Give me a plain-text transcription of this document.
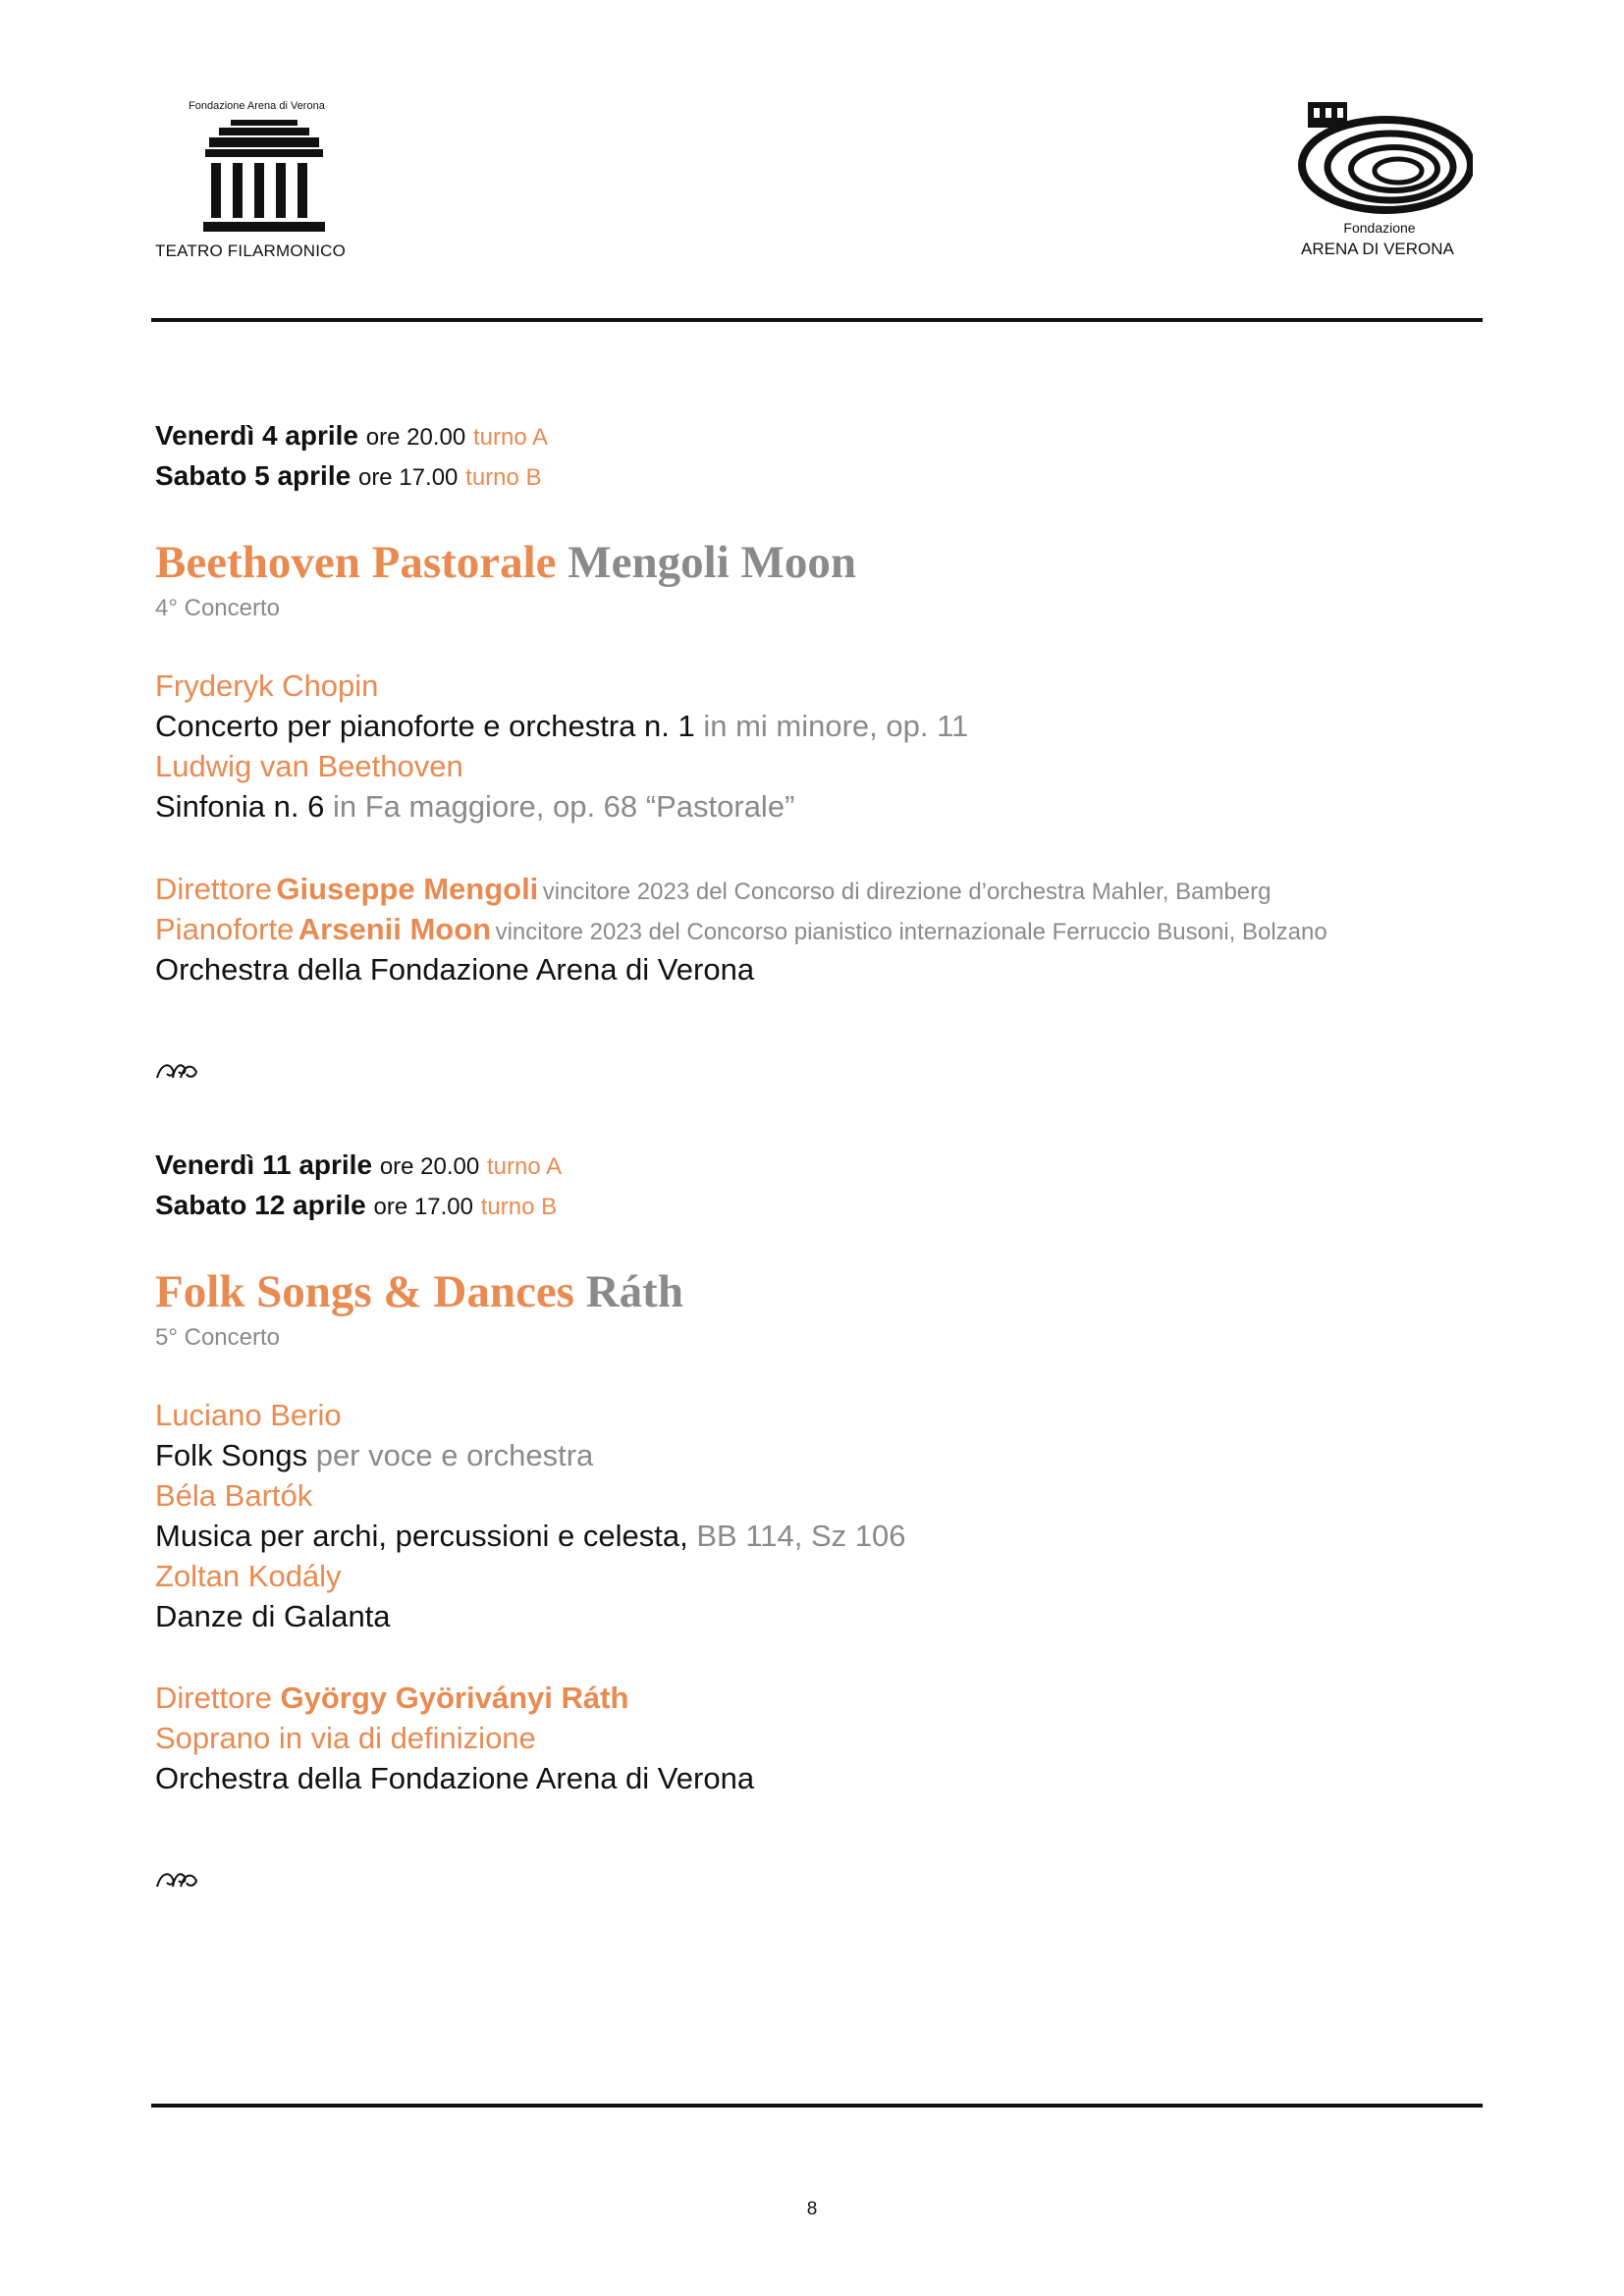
Fondazione Arena di Verona
TEATRO FILARMONICO
Fondazione
ARENA DI VERONA
Venerdì 4 aprile ore 20.00 turno A
Sabato 5 aprile ore 17.00 turno B
Beethoven Pastorale Mengoli Moon
4° Concerto
Fryderyk Chopin
Concerto per pianoforte e orchestra n. 1 in mi minore, op. 11
Ludwig van Beethoven
Sinfonia n. 6 in Fa maggiore, op. 68 “Pastorale”
Direttore Giuseppe Mengoli vincitore 2023 del Concorso di direzione d’orchestra Mahler, Bamberg
Pianoforte Arsenii Moon vincitore 2023 del Concorso pianistico internazionale Ferruccio Busoni, Bolzano
Orchestra della Fondazione Arena di Verona
Venerdì 11 aprile ore 20.00 turno A
Sabato 12 aprile ore 17.00 turno B
Folk Songs & Dances Ráth
5° Concerto
Luciano Berio
Folk Songs per voce e orchestra
Béla Bartók
Musica per archi, percussioni e celesta, BB 114, Sz 106
Zoltan Kodály
Danze di Galanta
Direttore György Györiványi Ráth
Soprano in via di definizione
Orchestra della Fondazione Arena di Verona
8
